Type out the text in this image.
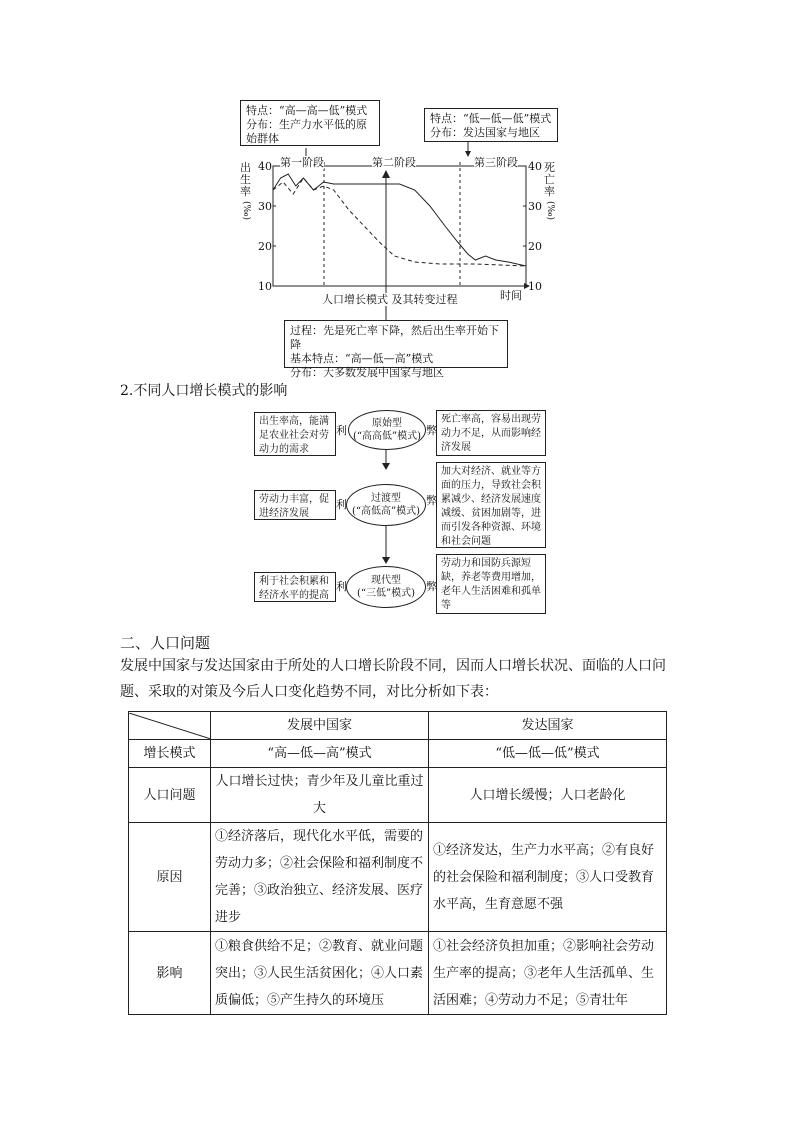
特点：“高—高—低”模式
分布：生产力水平低的原
始群体
特点：“低—低—低”模式
分布：发达国家与地区
第一阶段	第二阶段	第三阶段
出生率
(‰)
死亡率
(‰)
40
30
20
10
40
30
20
10
时间
人口增长模式 及其转变过程
过程：先是死亡率下降，然后出生率开始下降
基本特点：“高—低—高”模式
分布：大多数发展中国家与地区
2.不同人口增长模式的影响
出生率高，能满足农业社会对劳动力的需求
利
原始型
(“高高低”模式) 弊
死亡率高，容易出现劳动力不足，从而影响经济发展
劳动力丰富，促进经济发展
利 过渡型
(“高低高”模式)
弊
加大对经济、就业等方面的压力，导致社会积累减少、经济发展速度减缓、贫困加剧等，进而引发各种资源、环境和社会问题
利于社会积累和经济水平的提高
利 现代型
(“三低”模式)
弊
劳动力和国防兵源短缺，养老等费用增加，老年人生活困难和孤单等
二、人口问题
发展中国家与发达国家由于所处的人口增长阶段不同，因而人口增长状况、面临的人口问题、采取的对策及今后人口变化趋势不同，对比分析如下表：
	发展中国家	发达国家
增长模式	“高—低—高”模式	“低—低—低”模式
人口问题	人口增长过快；青少年及儿童比重过大	人口增长缓慢；人口老龄化
原因	①经济落后，现代化水平低，需要的劳动力多；②社会保险和福利制度不完善；③政治独立、经济发展、医疗进步	①经济发达，生产力水平高；②有良好的社会保险和福利制度；③人口受教育水平高，生育意愿不强
影响	①粮食供给不足；②教育、就业问题突出；③人民生活贫困化；④人口素质偏低；⑤产生持久的环境压	①社会经济负担加重；②影响社会劳动生产率的提高；③老年人生活孤单、生活困难；④劳动力不足；⑤青壮年
